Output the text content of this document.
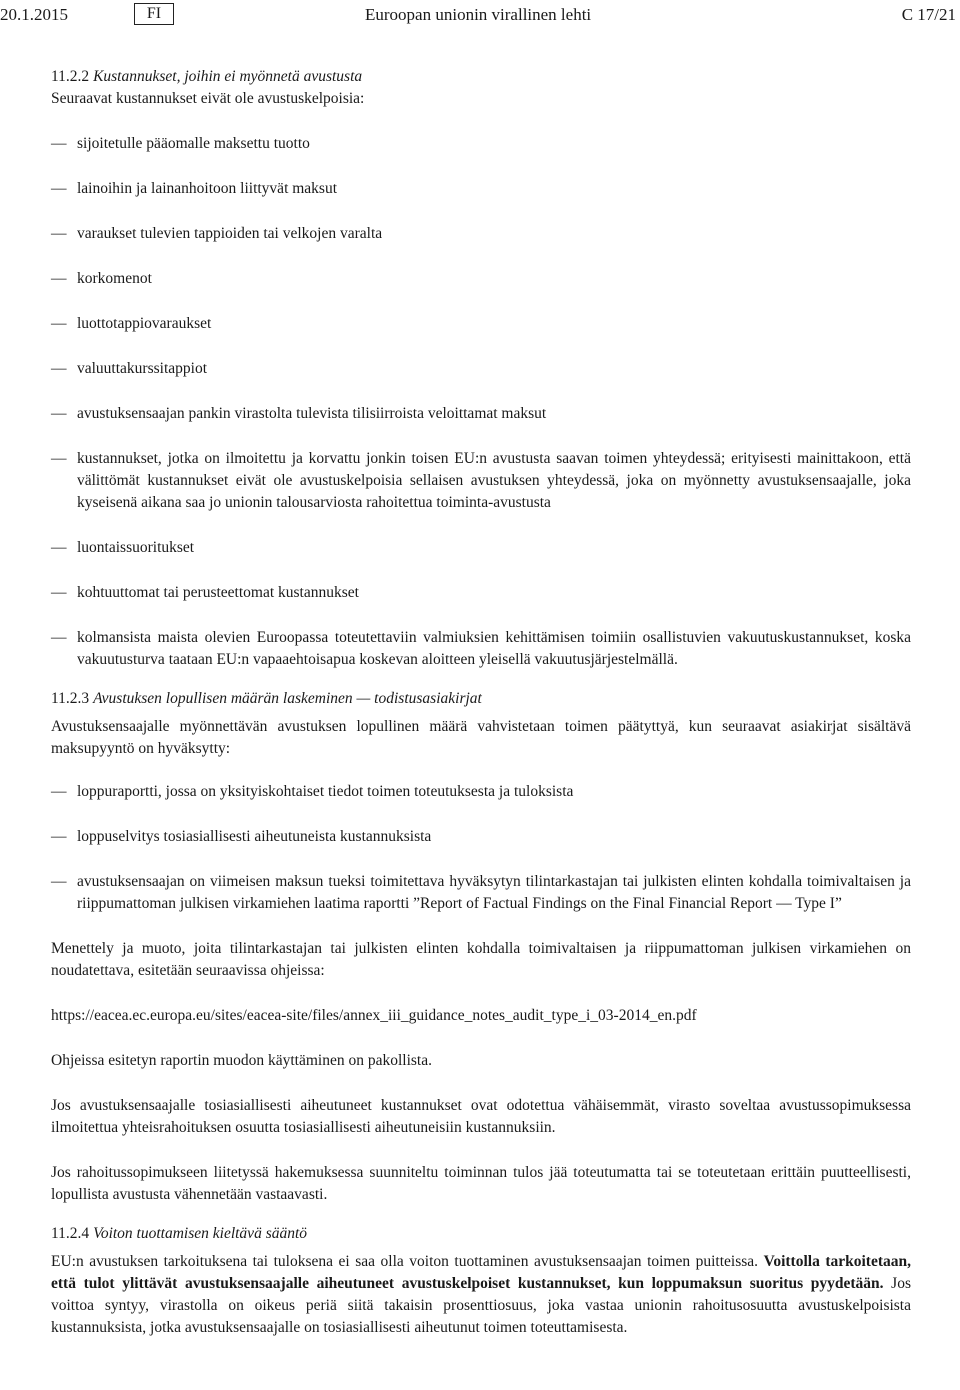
20.1.2015	FI	Euroopan unionin virallinen lehti	C 17/21

11.2.2 Kustannukset, joihin ei myönnetä avustusta

Seuraavat kustannukset eivät ole avustuskelpoisia:

— sijoitetulle pääomalle maksettu tuotto
— lainoihin ja lainanhoitoon liittyvät maksut
— varaukset tulevien tappioiden tai velkojen varalta
— korkomenot
— luottotappiovaraukset
— valuuttakurssitappiot
— avustuksensaajan pankin virastolta tulevista tilisiirroista veloittamat maksut
— kustannukset, jotka on ilmoitettu ja korvattu jonkin toisen EU:n avustusta saavan toimen yhteydessä; erityisesti mainittakoon, että välittömät kustannukset eivät ole avustuskelpoisia sellaisen avustuksen yhteydessä, joka on myönnetty avustuksensaajalle, joka kyseisenä aikana saa jo unionin talousarviosta rahoitettua toiminta-avustusta
— luontaissuoritukset
— kohtuuttomat tai perusteettomat kustannukset
— kolmansista maista olevien Euroopassa toteutettaviin valmiuksien kehittämisen toimiin osallistuvien vakuutuskustannukset, koska vakuutusturva taataan EU:n vapaaehtoisapua koskevan aloitteen yleisellä vakuutusjärjestelmällä.

11.2.3 Avustuksen lopullisen määrän laskeminen — todistusasiakirjat

Avustuksensaajalle myönnettävän avustuksen lopullinen määrä vahvistetaan toimen päätyttyä, kun seuraavat asiakirjat sisältävä maksupyyntö on hyväksytty:

— loppuraportti, jossa on yksityiskohtaiset tiedot toimen toteutuksesta ja tuloksista
— loppuselvitys tosiasiallisesti aiheutuneista kustannuksista
— avustuksensaajan on viimeisen maksun tueksi toimitettava hyväksytyn tilintarkastajan tai julkisten elinten kohdalla toimivaltaisen ja riippumattoman julkisen virkamiehen laatima raportti ”Report of Factual Findings on the Final Financial Report — Type I”

Menettely ja muoto, joita tilintarkastajan tai julkisten elinten kohdalla toimivaltaisen ja riippumattoman julkisen virkamiehen on noudatettava, esitetään seuraavissa ohjeissa:

https://eacea.ec.europa.eu/sites/eacea-site/files/annex_iii_guidance_notes_audit_type_i_03-2014_en.pdf

Ohjeissa esitetyn raportin muodon käyttäminen on pakollista.

Jos avustuksensaajalle tosiasiallisesti aiheutuneet kustannukset ovat odotettua vähäisemmät, virasto soveltaa avustussopimuksessa ilmoitettua yhteisrahoituksen osuutta tosiasiallisesti aiheutuneisiin kustannuksiin.

Jos rahoitussopimukseen liitetyssä hakemuksessa suunniteltu toiminnan tulos jää toteutumatta tai se toteutetaan erittäin puutteellisesti, lopullista avustusta vähennetään vastaavasti.

11.2.4 Voiton tuottamisen kieltävä sääntö

EU:n avustuksen tarkoituksena tai tuloksena ei saa olla voiton tuottaminen avustuksensaajan toimen puitteissa. Voittolla tarkoitetaan, että tulot ylittävät avustuksensaajalle aiheutuneet avustuskelpoiset kustannukset, kun loppumaksun suoritus pyydetään. Jos voittoa syntyy, virastolla on oikeus periä siitä takaisin prosenttiosuus, joka vastaa unionin rahoitusosuutta avustuskelpoisista kustannuksista, jotka avustuksensaajalle on tosiasiallisesti aiheutunut toimen toteuttamisesta.
